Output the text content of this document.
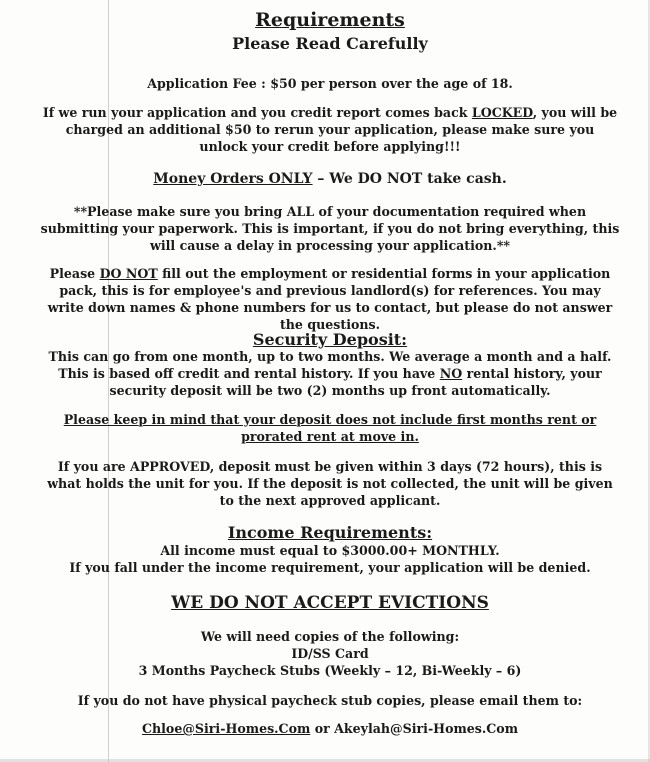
Requirements
Please Read Carefully
Application Fee : $50 per person over the age of 18.
If we run your application and you credit report comes back LOCKED, you will be charged an additional $50 to rerun your application, please make sure you unlock your credit before applying!!!
Money Orders ONLY – We DO NOT take cash.
**Please make sure you bring ALL of your documentation required when submitting your paperwork. This is important, if you do not bring everything, this will cause a delay in processing your application.**
Please DO NOT fill out the employment or residential forms in your application pack, this is for employee's and previous landlord(s) for references. You may write down names & phone numbers for us to contact, but please do not answer the questions.
Security Deposit:
This can go from one month, up to two months. We average a month and a half. This is based off credit and rental history. If you have NO rental history, your security deposit will be two (2) months up front automatically.
Please keep in mind that your deposit does not include first months rent or prorated rent at move in.
If you are APPROVED, deposit must be given within 3 days (72 hours), this is what holds the unit for you. If the deposit is not collected, the unit will be given to the next approved applicant.
Income Requirements:
All income must equal to $3000.00+ MONTHLY.
If you fall under the income requirement, your application will be denied.
WE DO NOT ACCEPT EVICTIONS
We will need copies of the following:
ID/SS Card
3 Months Paycheck Stubs (Weekly – 12, Bi-Weekly – 6)
If you do not have physical paycheck stub copies, please email them to:
Chloe@Siri-Homes.Com or Akeylah@Siri-Homes.Com
